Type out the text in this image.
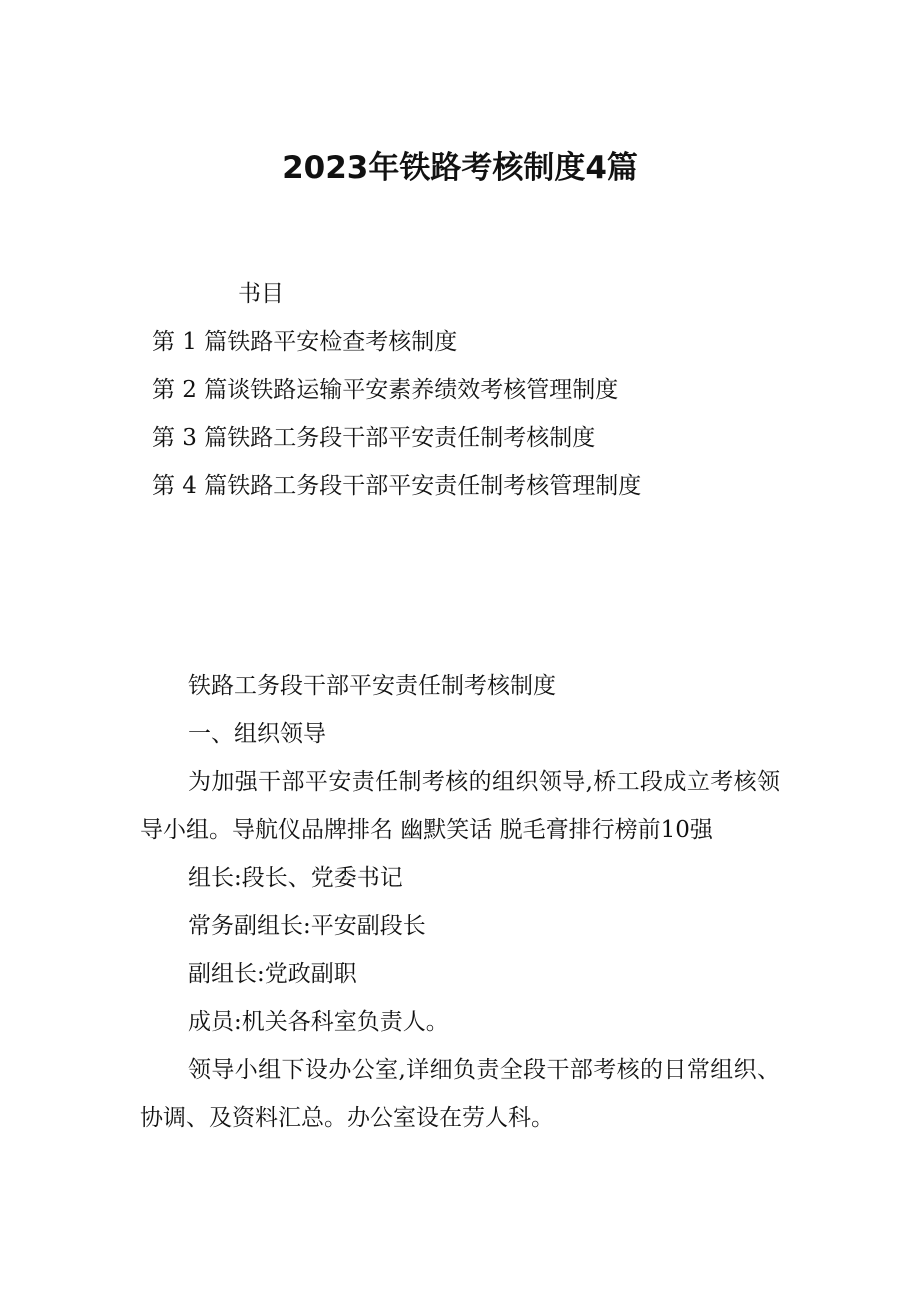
2023年铁路考核制度4篇
书目
第 1 篇铁路平安检查考核制度
第 2 篇谈铁路运输平安素养绩效考核管理制度
第 3 篇铁路工务段干部平安责任制考核制度
第 4 篇铁路工务段干部平安责任制考核管理制度

铁路工务段干部平安责任制考核制度

一、组织领导

为加强干部平安责任制考核的组织领导,桥工段成立考核领导小组。导航仪品牌排名 幽默笑话 脱毛膏排行榜前10强

组长:段长、党委书记

常务副组长:平安副段长

副组长:党政副职

成员:机关各科室负责人。

领导小组下设办公室,详细负责全段干部考核的日常组织、协调、及资料汇总。办公室设在劳人科。
